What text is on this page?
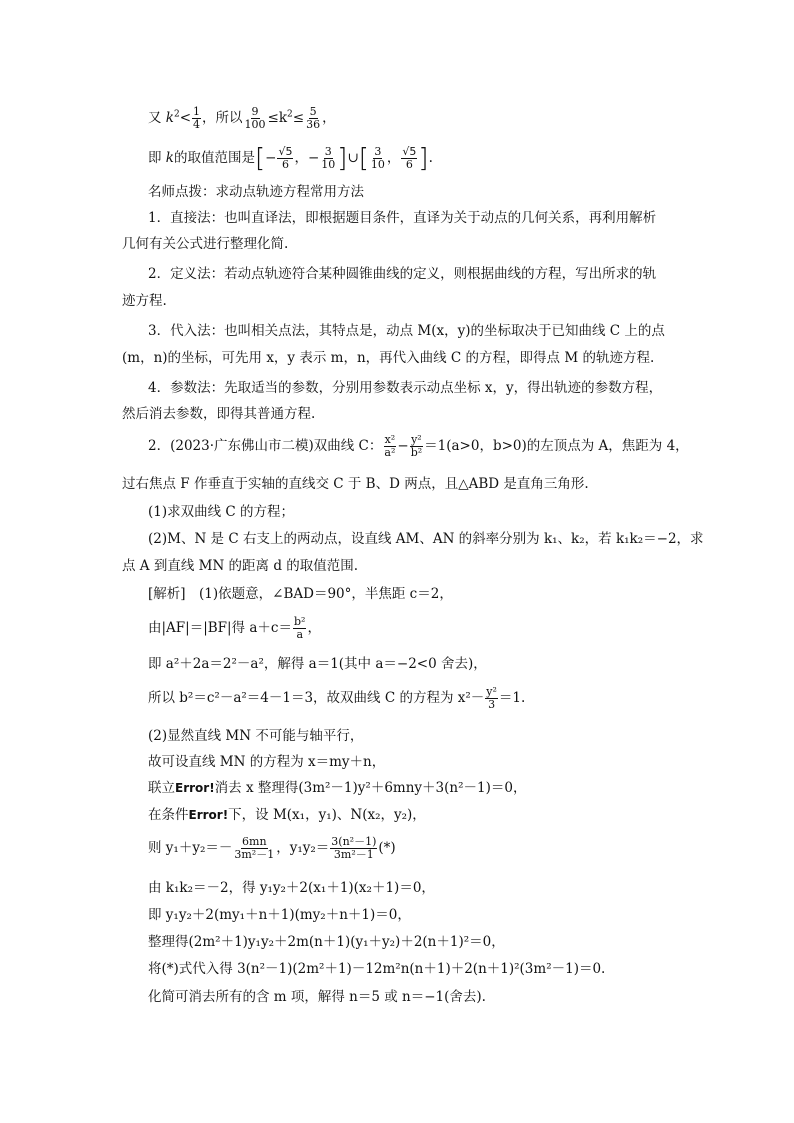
又 $k^2< \frac{1}{4}$ ，所以 $\frac{9}{100} \le k^2\le \frac{5}{36}$ ，
即 k的取值范围是[− $\frac{√5}{6}$ ，− $\frac{3}{10}$ ]∪[ $\frac{3}{10}$ ， $\frac{√5}{6}$ ].
名师点拨：求动点轨迹方程常用方法
1．直接法：也叫直译法，即根据题目条件，直译为关于动点的几何关系，再利用解析
几何有关公式进行整理化简.
2．定义法：若动点轨迹符合某种圆锥曲线的定义，则根据曲线的方程，写出所求的轨
迹方程.
3．代入法：也叫相关点法，其特点是，动点 M(x，y)的坐标取决于已知曲线 C 上的点
(m，n)的坐标，可先用 x，y 表示 m，n，再代入曲线 C 的方程，即得点 M 的轨迹方程.
4．参数法：先取适当的参数，分别用参数表示动点坐标 x，y，得出轨迹的参数方程，
然后消去参数，即得其普通方程.
2．(2023·广东佛山市二模)双曲线 C： $\frac{\text{x²}}{\text{a²}} - \frac{\text{y²}}{\text{b²}} =1(a>0$，b>0)的左顶点为 A，焦距为 4，
过右焦点 F 作垂直于实轴的直线交 C 于 B、D 两点，且△ABD 是直角三角形.
(1)求双曲线 C 的方程；
(2)M、N 是 C 右支上的两动点，设直线 AM、AN 的斜率分别为 k₁、k₂，若 k₁k₂＝−2，求
点 A 到直线 MN 的距离 d 的取值范围.
[解析]　(1)依题意，∠BAD＝90°，半焦距 c＝2，
由|AF|＝|BF|得 $a+c= \frac{\text{b²}}{a}$ ，
即 a²＋2a＝2²－a²，解得 a＝1(其中 a＝−2<0 舍去)，
所以 b²＝c²－a²＝4－1＝3，故双曲线 C 的方程为 $x^2- \frac{\text{y²}}{3} =1$.
(2)显然直线 MN 不可能与轴平行，
故可设直线 MN 的方程为 x＝my＋n，
联立Error!消去 x 整理得(3m²－1)y²＋6mny＋3(n²－1)＝0，
在条件Error!下，设 M(x₁，y₁)、N(x₂，y₂)，
则 $y_1+y_2=- \frac{6mn}{\text{3m²－1}}$ ，$y_1y_2= \frac{\text{3(n²－1)}}{\text{3m²－1}}$ (*)
由 k₁k₂＝－2，得 y₁y₂＋2(x₁＋1)(x₂＋1)＝0，
即 y₁y₂＋2(my₁＋n＋1)(my₂＋n＋1)＝0，
整理得(2m²＋1)y₁y₂＋2m(n＋1)(y₁＋y₂)＋2(n＋1)²＝0，
将(*)式代入得 3(n²－1)(2m²＋1)－12m²n(n＋1)＋2(n＋1)²(3m²－1)＝0.
化简可消去所有的含 m 项，解得 n＝5 或 n＝−1(舍去).
